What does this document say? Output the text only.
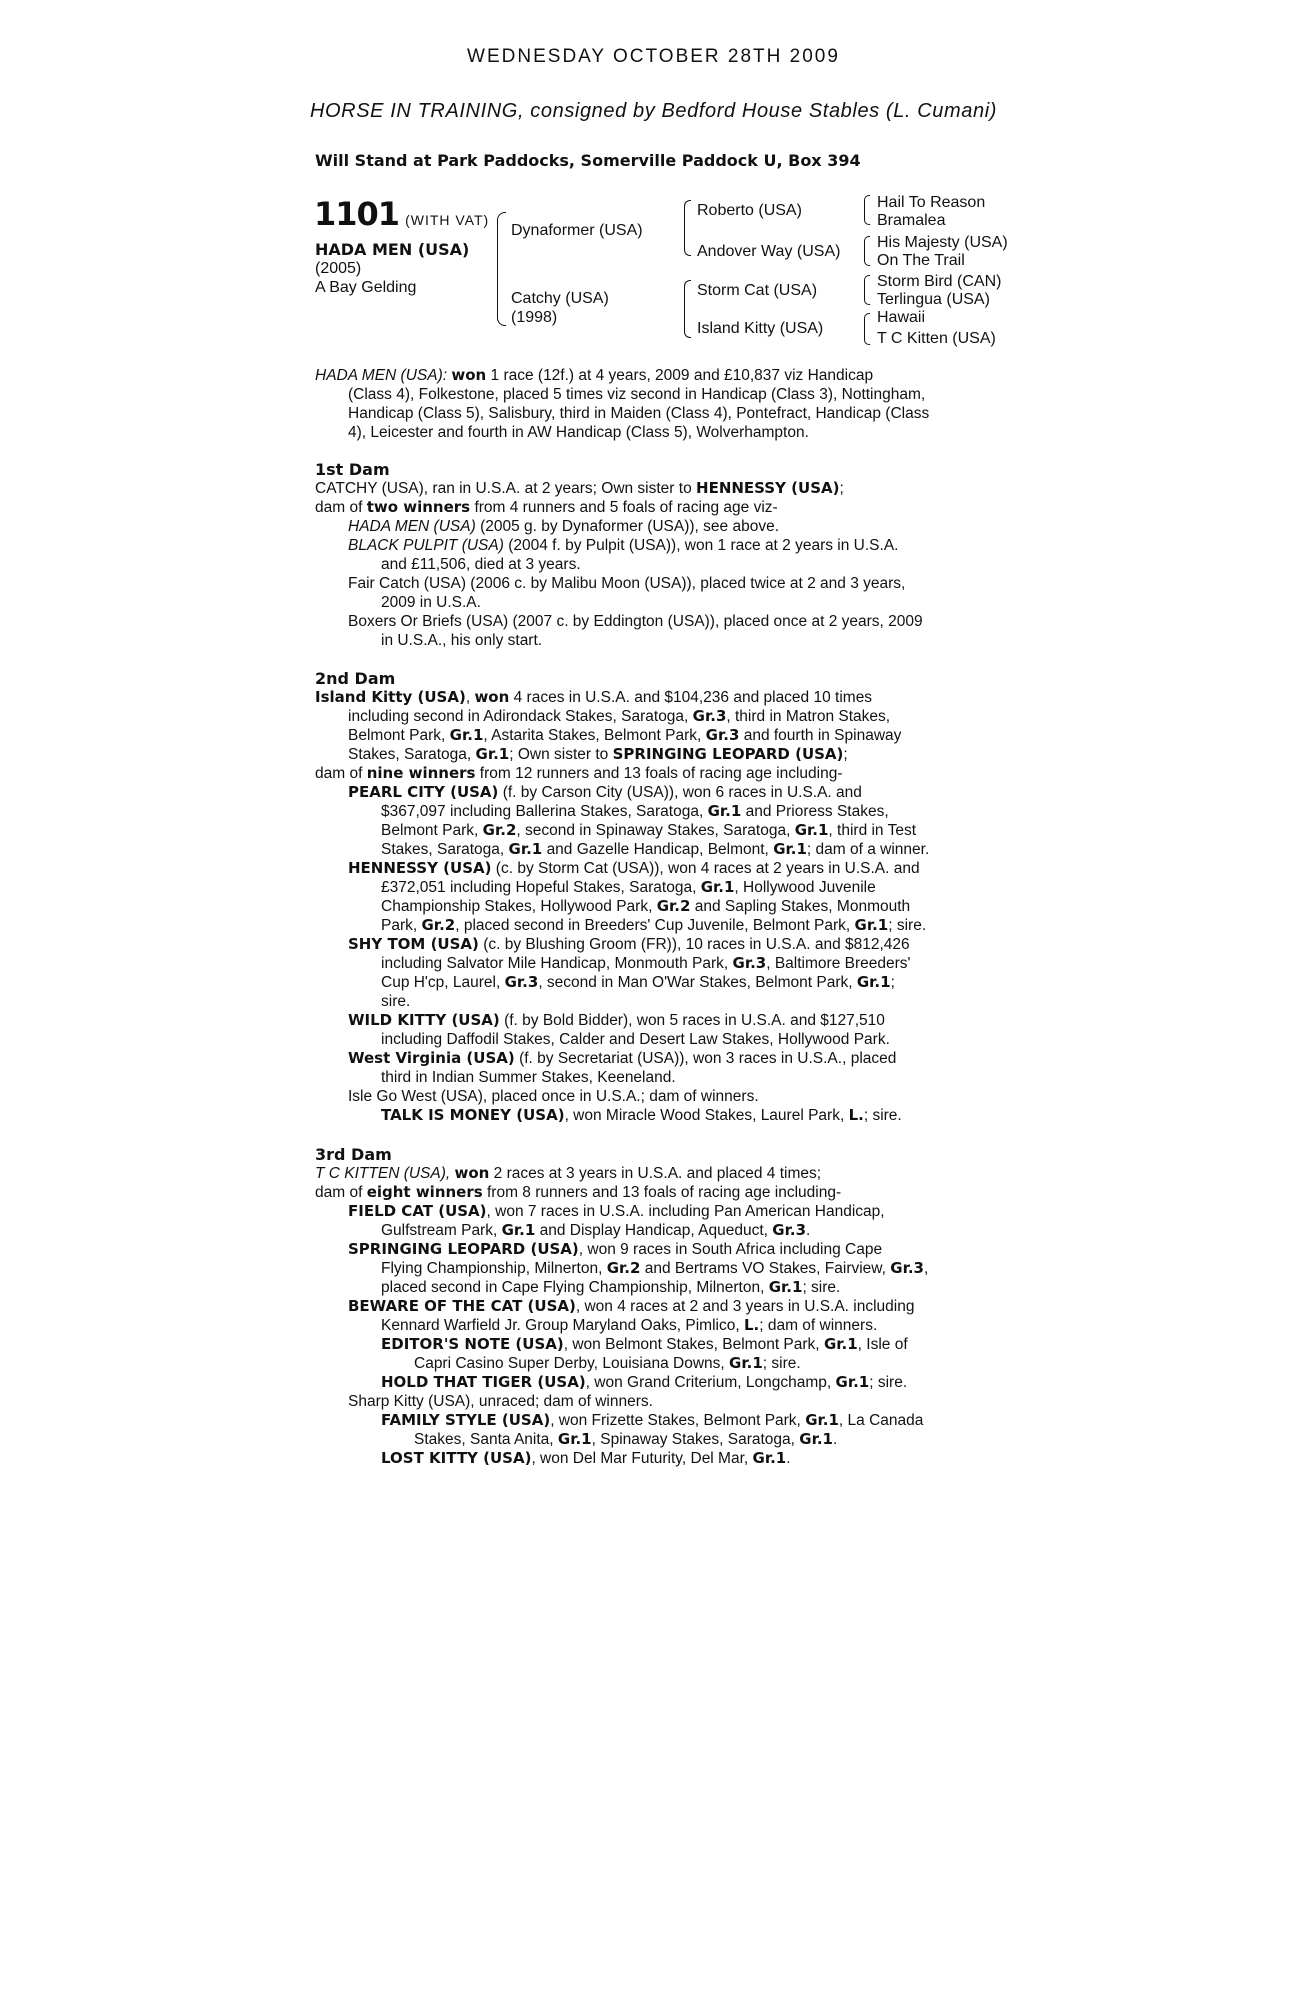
WEDNESDAY OCTOBER 28TH 2009
HORSE IN TRAINING, consigned by Bedford House Stables (L. Cumani)
Will Stand at Park Paddocks, Somerville Paddock U, Box 394
1101 (WITH VAT)
HADA MEN (USA)
(2005)
A Bay Gelding
Dynaformer (USA)
Catchy (USA)
(1998)
Roberto (USA)
Andover Way (USA)
Storm Cat (USA)
Island Kitty (USA)
Hail To Reason
Bramalea
His Majesty (USA)
On The Trail
Storm Bird (CAN)
Terlingua (USA)
Hawaii
T C Kitten (USA)
HADA MEN (USA): won 1 race (12f.) at 4 years, 2009 and £10,837 viz Handicap
(Class 4), Folkestone, placed 5 times viz second in Handicap (Class 3), Nottingham,
Handicap (Class 5), Salisbury, third in Maiden (Class 4), Pontefract, Handicap (Class
4), Leicester and fourth in AW Handicap (Class 5), Wolverhampton.
1st Dam
CATCHY (USA), ran in U.S.A. at 2 years; Own sister to HENNESSY (USA);
dam of two winners from 4 runners and 5 foals of racing age viz-
HADA MEN (USA) (2005 g. by Dynaformer (USA)), see above.
BLACK PULPIT (USA) (2004 f. by Pulpit (USA)), won 1 race at 2 years in U.S.A.
and £11,506, died at 3 years.
Fair Catch (USA) (2006 c. by Malibu Moon (USA)), placed twice at 2 and 3 years,
2009 in U.S.A.
Boxers Or Briefs (USA) (2007 c. by Eddington (USA)), placed once at 2 years, 2009
in U.S.A., his only start.
2nd Dam
Island Kitty (USA), won 4 races in U.S.A. and $104,236 and placed 10 times
including second in Adirondack Stakes, Saratoga, Gr.3, third in Matron Stakes,
Belmont Park, Gr.1, Astarita Stakes, Belmont Park, Gr.3 and fourth in Spinaway
Stakes, Saratoga, Gr.1; Own sister to SPRINGING LEOPARD (USA);
dam of nine winners from 12 runners and 13 foals of racing age including-
PEARL CITY (USA) (f. by Carson City (USA)), won 6 races in U.S.A. and
$367,097 including Ballerina Stakes, Saratoga, Gr.1 and Prioress Stakes,
Belmont Park, Gr.2, second in Spinaway Stakes, Saratoga, Gr.1, third in Test
Stakes, Saratoga, Gr.1 and Gazelle Handicap, Belmont, Gr.1; dam of a winner.
HENNESSY (USA) (c. by Storm Cat (USA)), won 4 races at 2 years in U.S.A. and
£372,051 including Hopeful Stakes, Saratoga, Gr.1, Hollywood Juvenile
Championship Stakes, Hollywood Park, Gr.2 and Sapling Stakes, Monmouth
Park, Gr.2, placed second in Breeders' Cup Juvenile, Belmont Park, Gr.1; sire.
SHY TOM (USA) (c. by Blushing Groom (FR)), 10 races in U.S.A. and $812,426
including Salvator Mile Handicap, Monmouth Park, Gr.3, Baltimore Breeders'
Cup H'cp, Laurel, Gr.3, second in Man O'War Stakes, Belmont Park, Gr.1;
sire.
WILD KITTY (USA) (f. by Bold Bidder), won 5 races in U.S.A. and $127,510
including Daffodil Stakes, Calder and Desert Law Stakes, Hollywood Park.
West Virginia (USA) (f. by Secretariat (USA)), won 3 races in U.S.A., placed
third in Indian Summer Stakes, Keeneland.
Isle Go West (USA), placed once in U.S.A.; dam of winners.
TALK IS MONEY (USA), won Miracle Wood Stakes, Laurel Park, L.; sire.
3rd Dam
T C KITTEN (USA), won 2 races at 3 years in U.S.A. and placed 4 times;
dam of eight winners from 8 runners and 13 foals of racing age including-
FIELD CAT (USA), won 7 races in U.S.A. including Pan American Handicap,
Gulfstream Park, Gr.1 and Display Handicap, Aqueduct, Gr.3.
SPRINGING LEOPARD (USA), won 9 races in South Africa including Cape
Flying Championship, Milnerton, Gr.2 and Bertrams VO Stakes, Fairview, Gr.3,
placed second in Cape Flying Championship, Milnerton, Gr.1; sire.
BEWARE OF THE CAT (USA), won 4 races at 2 and 3 years in U.S.A. including
Kennard Warfield Jr. Group Maryland Oaks, Pimlico, L.; dam of winners.
EDITOR'S NOTE (USA), won Belmont Stakes, Belmont Park, Gr.1, Isle of
Capri Casino Super Derby, Louisiana Downs, Gr.1; sire.
HOLD THAT TIGER (USA), won Grand Criterium, Longchamp, Gr.1; sire.
Sharp Kitty (USA), unraced; dam of winners.
FAMILY STYLE (USA), won Frizette Stakes, Belmont Park, Gr.1, La Canada
Stakes, Santa Anita, Gr.1, Spinaway Stakes, Saratoga, Gr.1.
LOST KITTY (USA), won Del Mar Futurity, Del Mar, Gr.1.
